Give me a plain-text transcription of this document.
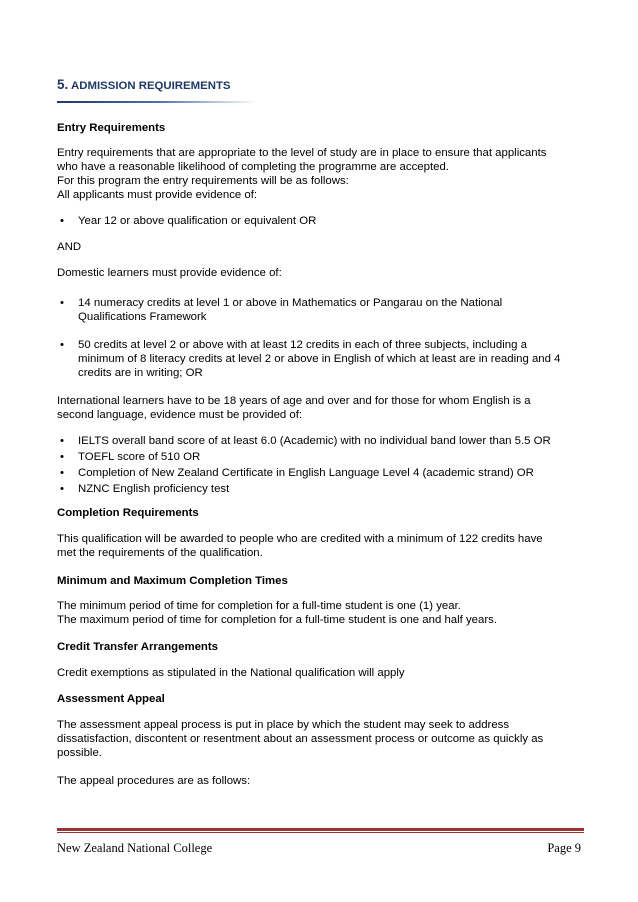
5. ADMISSION REQUIREMENTS
Entry Requirements
Entry requirements that are appropriate to the level of study are in place to ensure that applicants
who have a reasonable likelihood of completing the programme are accepted.
For this program the entry requirements will be as follows:
All applicants must provide evidence of:
• Year 12 or above qualification or equivalent OR
AND
Domestic learners must provide evidence of:
• 14 numeracy credits at level 1 or above in Mathematics or Pangarau on the National
Qualifications Framework
• 50 credits at level 2 or above with at least 12 credits in each of three subjects, including a
minimum of 8 literacy credits at level 2 or above in English of which at least are in reading and 4
credits are in writing; OR
International learners have to be 18 years of age and over and for those for whom English is a
second language, evidence must be provided of:
• IELTS overall band score of at least 6.0 (Academic) with no individual band lower than 5.5 OR
• TOEFL score of 510 OR
• Completion of New Zealand Certificate in English Language Level 4 (academic strand) OR
• NZNC English proficiency test
Completion Requirements
This qualification will be awarded to people who are credited with a minimum of 122 credits have
met the requirements of the qualification.
Minimum and Maximum Completion Times
The minimum period of time for completion for a full-time student is one (1) year.
The maximum period of time for completion for a full-time student is one and half years.
Credit Transfer Arrangements
Credit exemptions as stipulated in the National qualification will apply
Assessment Appeal
The assessment appeal process is put in place by which the student may seek to address
dissatisfaction, discontent or resentment about an assessment process or outcome as quickly as
possible.
The appeal procedures are as follows:
New Zealand National College	Page 9
